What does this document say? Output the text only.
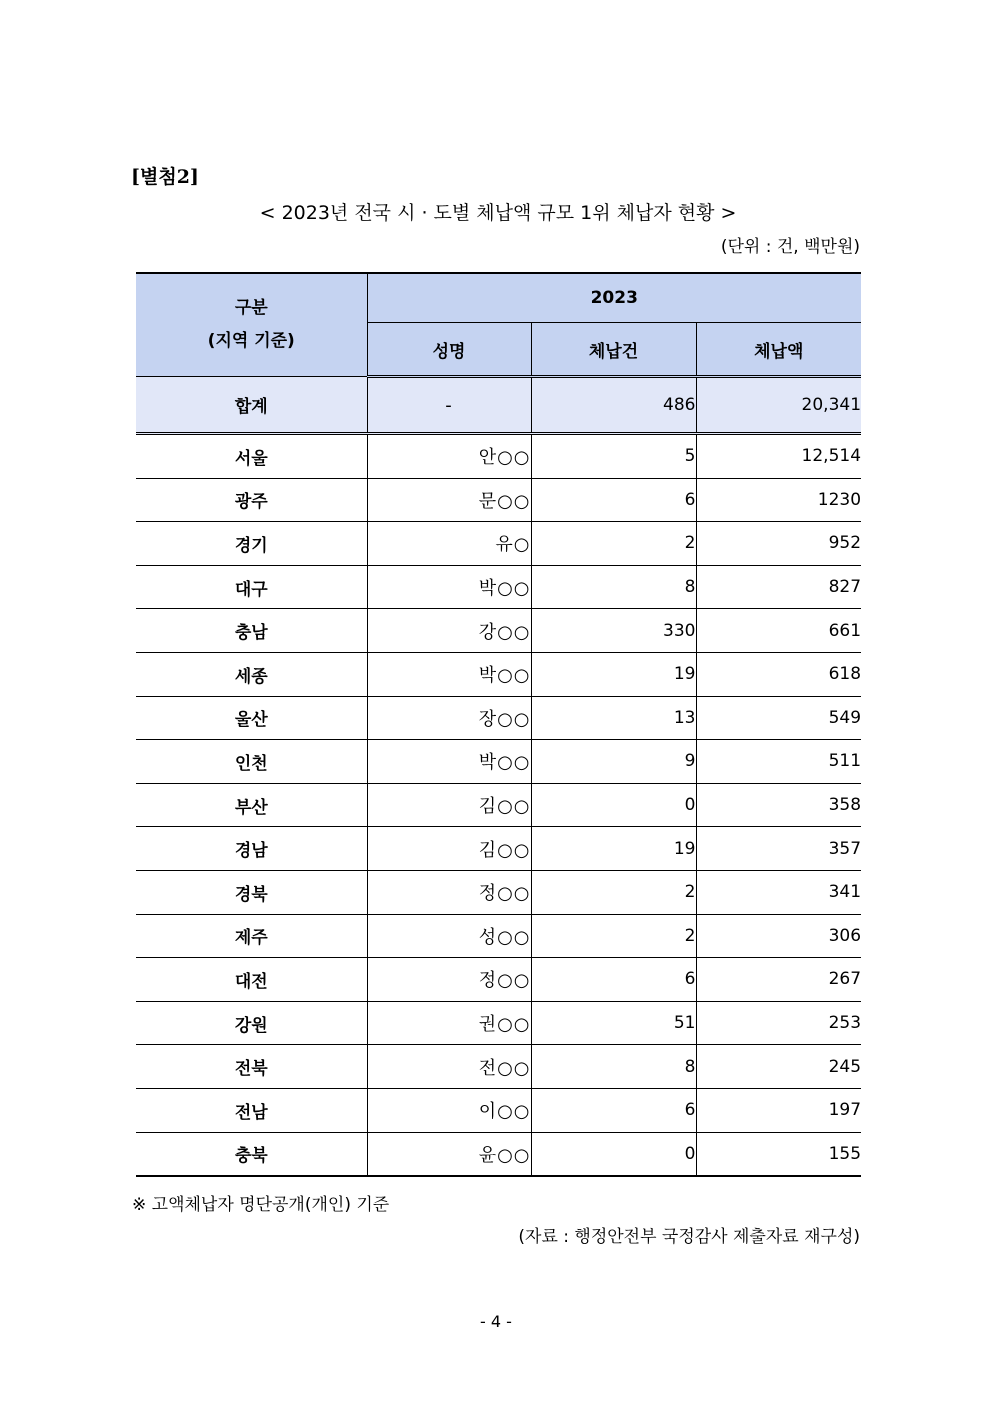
[별첨2]
< 2023년 전국 시 · 도별 체납액 규모 1위 체납자 현황 >
(단위 : 건, 백만원)
구분
(지역 기준)	2023		
	성명	체납건	체납액
합계	-	486	20,341
서울	안○○	5	12,514
광주	문○○	6	1230
경기	유○	2	952
대구	박○○	8	827
충남	강○○	330	661
세종	박○○	19	618
울산	장○○	13	549
인천	박○○	9	511
부산	김○○	0	358
경남	김○○	19	357
경북	정○○	2	341
제주	성○○	2	306
대전	정○○	6	267
강원	권○○	51	253
전북	전○○	8	245
전남	이○○	6	197
충북	윤○○	0	155
※ 고액체납자 명단공개(개인) 기준
(자료 : 행정안전부 국정감사 제출자료 재구성)
- 4 -
